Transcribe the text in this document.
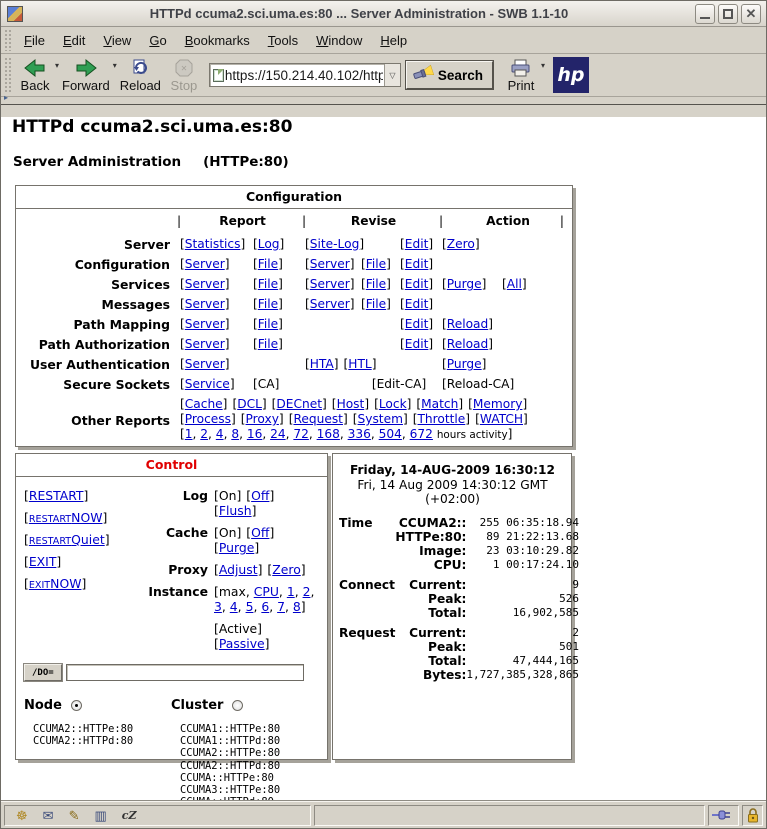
HTTPd ccuma2.sci.uma.es:80 ... Server Administration - SWB 1.1-10
✕
File	Edit	View	Go	Bookmarks	Tools	Window	Help
Back
▾
Forward
▾
Reload
✕
Stop
https://150.214.40.102/httpd/-/admi
▽	Search
Print
▾ hp
▸
HTTPd ccuma2.sci.uma.es:80
Server Administration (HTTPe:80)
Configuration

	| Report		| Revise			| Action |	

Server	[Statistics]	[Log]	[Site-Log]		[Edit]	[Zero]	
Configuration	[Server]	[File]	[Server]	[File]	[Edit]		
Services	[Server]	[File]	[Server]	[File]	[Edit]	[Purge]	[All]
Messages	[Server]	[File]	[Server]	[File]	[Edit]		
Path Mapping	[Server]	[File]			[Edit]	[Reload]	
Path Authorization	[Server]	[File]			[Edit]	[Reload]	
User Authentication	[Server]		[HTA] [HTL]			[Purge]	
Secure Sockets	[Service]	[CA]		[Edit-CA]		[Reload-CA]	
Other Reports	[Cache] [DCL] [DECnet] [Host] [Lock] [Match] [Memory]
[Process] [Proxy] [Request] [System] [Throttle] [WATCH]
[1, 2, 4, 8, 16, 24, 72, 168, 336, 504, 672 hours activity]						
Control
[RESTART]
[RESTARTNOW]
[RESTARTQuiet]
[EXIT]
[EXITNOW]
Log [On] [Off][Flush]
Cache [On] [Off][Purge]
Proxy [Adjust] [Zero]
Instance [max, CPU, 1, 2, 3, 4, 5, 6, 7, 8]
[Active][Passive]
/DO=
Node
CCUMA2::HTTPe:80
CCUMA2::HTTPd:80
Cluster
CCUMA1::HTTPe:80
CCUMA1::HTTPd:80
CCUMA2::HTTPe:80
CCUMA2::HTTPd:80
CCUMA::HTTPe:80
CCUMA3::HTTPe:80
Friday, 14-AUG-2009 16:30:12
Fri, 14 Aug 2009 14:30:12 GMT (+02:00)
Time	CCUMA2::	255 06:35:18.94
	HTTPe:80:	89 21:22:13.68
	Image:	23 03:10:29.82
	CPU:	1 00:17:24.10

Connect	Current:	9
	Peak:	526
	Total:	16,902,585

Request	Current:	2
	Peak:	501
	Total:	47,444,165
	Bytes:	1,727,385,328,865
☸ ✉ ✎ ▥ cZ
